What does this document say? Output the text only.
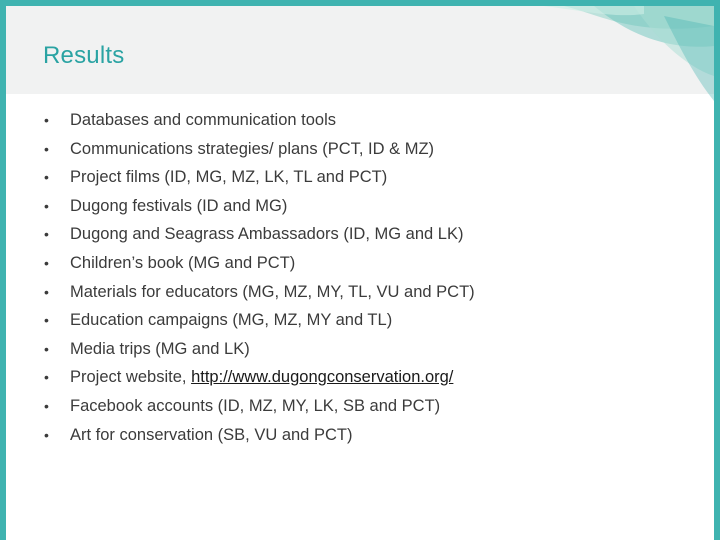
Results
• Databases and communication tools
• Communications strategies/ plans (PCT, ID & MZ)
• Project films (ID, MG, MZ, LK, TL and PCT)
• Dugong festivals (ID and MG)
• Dugong and Seagrass Ambassadors (ID, MG and LK)
• Children’s book (MG and PCT)
• Materials for educators (MG, MZ, MY, TL, VU and PCT)
• Education campaigns (MG, MZ, MY and TL)
• Media trips (MG and LK)
• Project website, http://www.dugongconservation.org/
• Facebook accounts (ID, MZ, MY, LK, SB and PCT)
• Art for conservation (SB, VU and PCT)
